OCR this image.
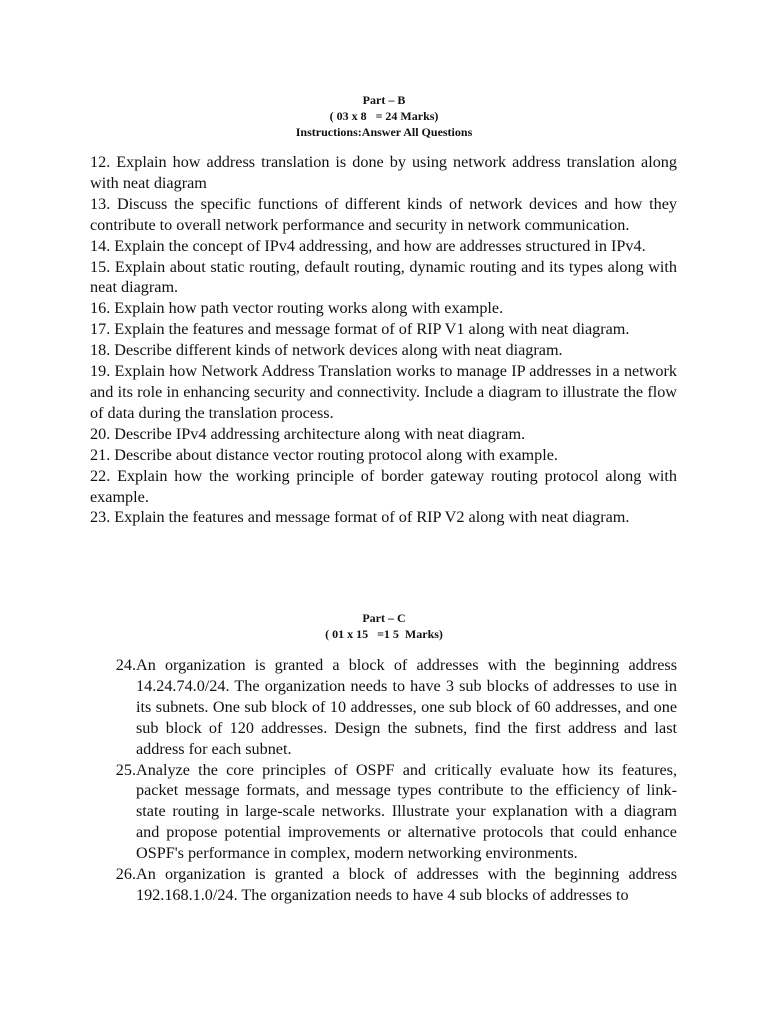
Part – B
( 03 x 8   = 24 Marks)
Instructions:Answer All Questions

12. Explain how address translation is done by using network address translation along with neat diagram

13. Discuss the specific functions of different kinds of network devices and how they contribute to overall network performance and security in network communication.

14. Explain the concept of IPv4 addressing, and how are addresses structured in IPv4.

15. Explain about static routing, default routing, dynamic routing and its types along with neat diagram.

16. Explain how path vector routing works along with example.

17. Explain the features and message format of of RIP V1 along with neat diagram.

18. Describe different kinds of network devices along with neat diagram.

19. Explain how Network Address Translation works to manage IP addresses in a network and its role in enhancing security and connectivity. Include a diagram to illustrate the flow of data during the translation process.

20. Describe IPv4 addressing architecture along with neat diagram.

21. Describe about distance vector routing protocol along with example.

22. Explain how the working principle of border gateway routing protocol along with example.

23. Explain the features and message format of of RIP V2 along with neat diagram.

Part – C
( 01 x 15   =1 5  Marks)
24. An organization is granted a block of addresses with the beginning address 14.24.74.0/24. The organization needs to have 3 sub blocks of addresses to use in its subnets. One sub block of 10 addresses, one sub block of 60 addresses, and one sub block of 120 addresses. Design the subnets, find the first address and last address for each subnet.
25. Analyze the core principles of OSPF and critically evaluate how its features, packet message formats, and message types contribute to the efficiency of link-state routing in large-scale networks. Illustrate your explanation with a diagram and propose potential improvements or alternative protocols that could enhance OSPF's performance in complex, modern networking environments.
26. An organization is granted a block of addresses with the beginning address 192.168.1.0/24. The organization needs to have 4 sub blocks of addresses to
